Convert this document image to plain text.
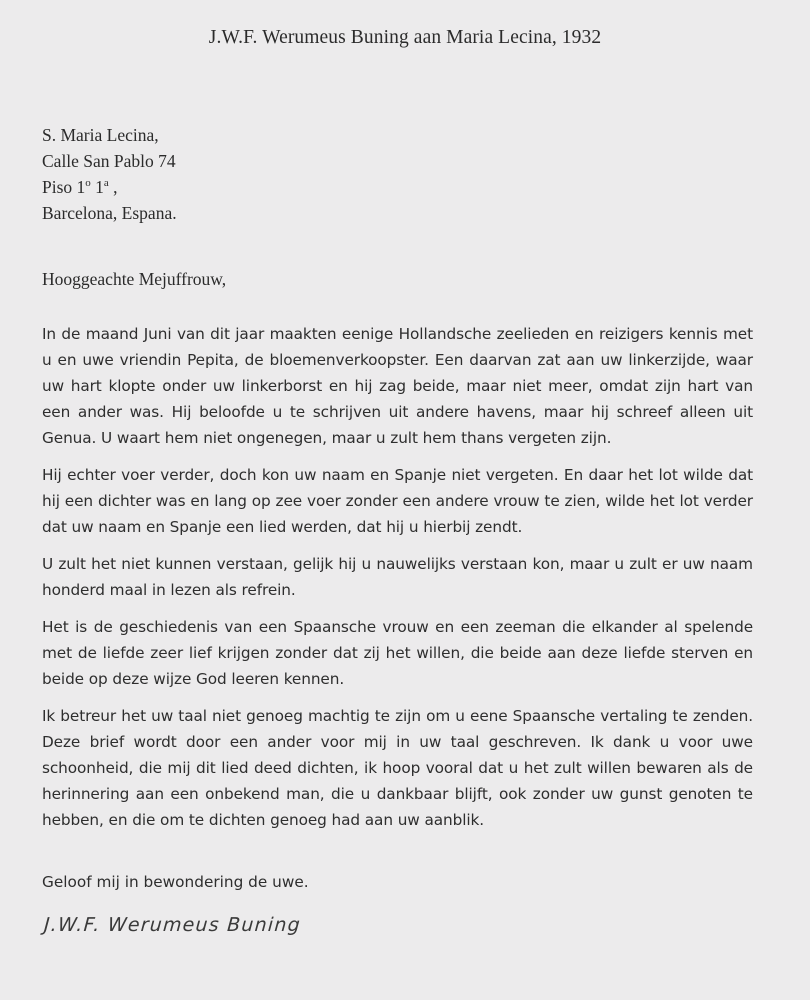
J.W.F. Werumeus Buning aan Maria Lecina, 1932
S. Maria Lecina,
Calle San Pablo 74
Piso 1$^o$ 1$^a$ ,
Barcelona, Espana.
Hooggeachte Mejuffrouw,

In de maand Juni van dit jaar maakten eenige Hollandsche zeelieden en reizigers kennis met u en uwe vriendin Pepita, de bloemenverkoopster. Een daarvan zat aan uw linkerzijde, waar uw hart klopte onder uw linkerborst en hij zag beide, maar niet meer, omdat zijn hart van een ander was. Hij beloofde u te schrijven uit andere havens, maar hij schreef alleen uit Genua. U waart hem niet ongenegen, maar u zult hem thans vergeten zijn.

Hij echter voer verder, doch kon uw naam en Spanje niet vergeten. En daar het lot wilde dat hij een dichter was en lang op zee voer zonder een andere vrouw te zien, wilde het lot verder dat uw naam en Spanje een lied werden, dat hij u hierbij zendt.

U zult het niet kunnen verstaan, gelijk hij u nauwelijks verstaan kon, maar u zult er uw naam honderd maal in lezen als refrein.

Het is de geschiedenis van een Spaansche vrouw en een zeeman die elkander al spelende met de liefde zeer lief krijgen zonder dat zij het willen, die beide aan deze liefde sterven en beide op deze wijze God leeren kennen.

Ik betreur het uw taal niet genoeg machtig te zijn om u eene Spaansche vertaling te zenden. Deze brief wordt door een ander voor mij in uw taal geschreven. Ik dank u voor uwe schoonheid, die mij dit lied deed dichten, ik hoop vooral dat u het zult willen bewaren als de herinnering aan een onbekend man, die u dankbaar blijft, ook zonder uw gunst genoten te hebben, en die om te dichten genoeg had aan uw aanblik.

Geloof mij in bewondering de uwe.
J.W.F. Werumeus Buning
